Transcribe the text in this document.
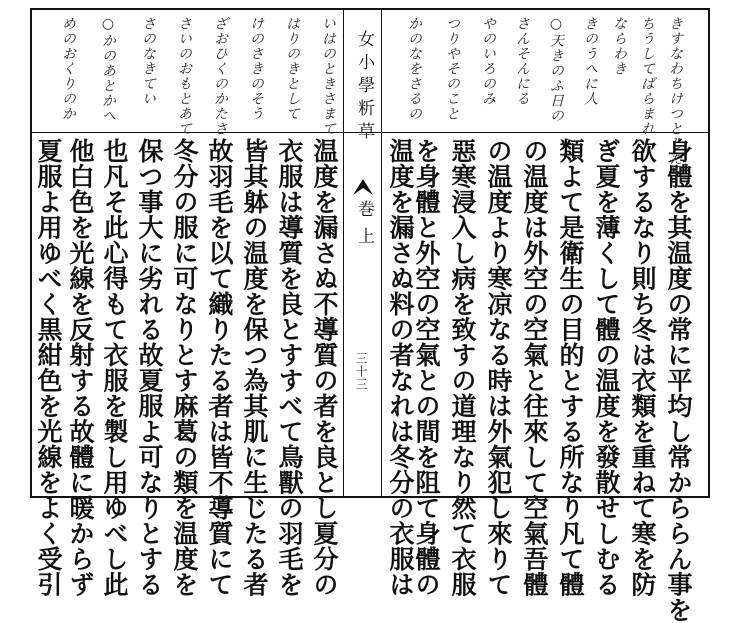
きすなわちけつとした
ちうしてばらまれ
ならわき
きのうへに人
○天きのふ日の
さんそんにる
やのいろのみ
つりやそのこと
かのなをさるの
女小學䉼草
巻上
三十三
いはのときさまて
はりのきとして
けのさきのそう
ざおひくのかたさ
さいのおもとあて
さのなきてい
○かのあとかへ
めのおくりのか
身體を其温度の常に平均し常かららん事を
欲するなり則ち冬は衣類を重ねて寒を防
ぎ夏を薄くして體の温度を發散せしむる
類よて是衛生の目的とする所なり凡て體
の温度は外空の空氣と往來して空氣吾體
の温度より寒凉なる時は外氣犯し來りて
惡寒浸入し病を致すの道理なり然て衣服
を身體と外空の空氣との間を阻て身體の
温度を漏さぬ料の者なれは冬分の衣服は
温度を漏さぬ不導質の者を良とし夏分の
衣服は導質を良とすすべて鳥獸の羽毛を
皆其躰の温度を保つ為其肌に生じたる者
故羽毛を以て織りたる者は皆不導質にて
冬分の服に可なりとす麻葛の類を温度を
保つ事大に劣れる故夏服よ可なりとする
也凡そ此心得もて衣服を製し用ゆべし此
他白色を光線を反射する故體に暖からず
夏服よ用ゆべく黒紺色を光線をよく受引
